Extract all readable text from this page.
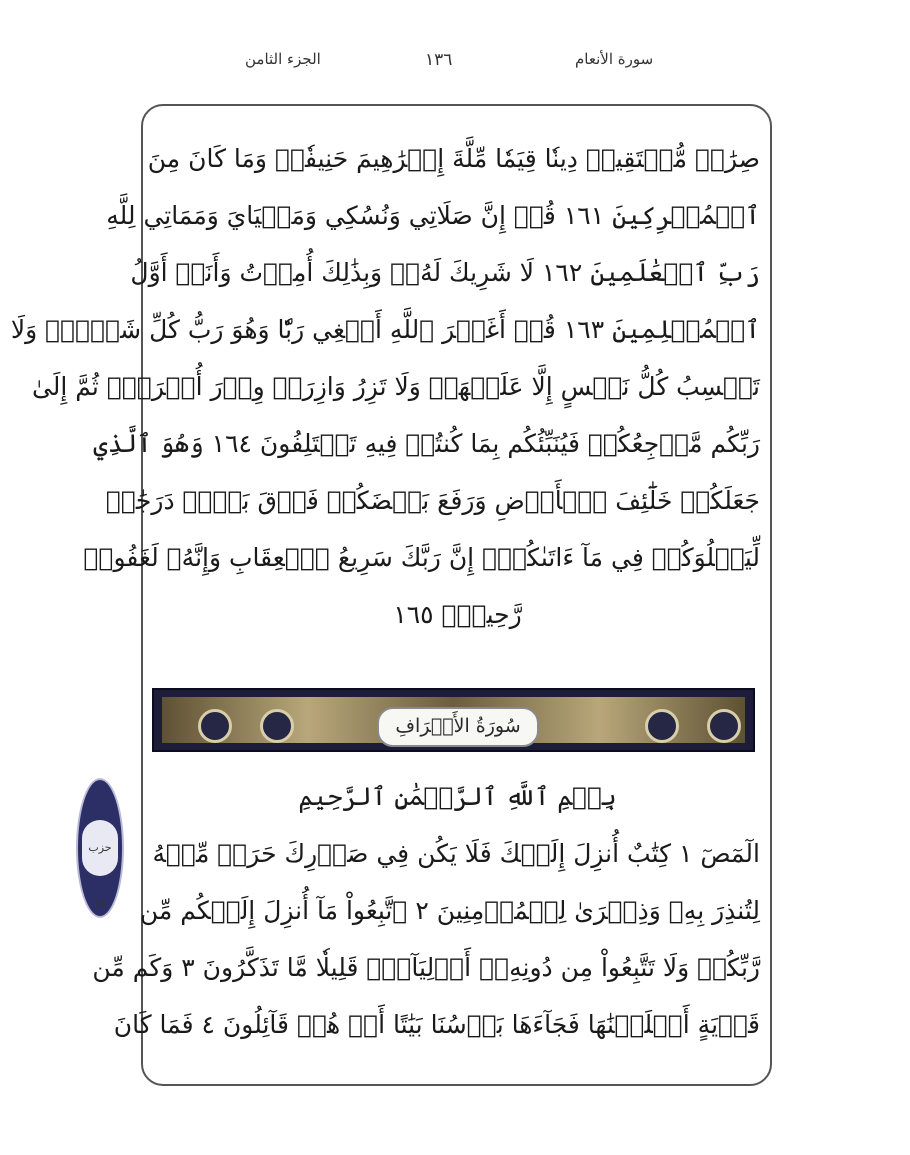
الجزء الثامن	١٣٦	سورة الأنعام
صِرَٰطٖ مُّسۡتَقِيمٖ دِينٗا قِيَمٗا مِّلَّةَ إِبۡرَٰهِيمَ حَنِيفٗاۚ وَمَا كَانَ مِنَ
ٱلۡمُشۡرِكِينَ ١٦١ قُلۡ إِنَّ صَلَاتِي وَنُسُكِي وَمَحۡيَايَ وَمَمَاتِي لِلَّهِ
رَبِّ ٱلۡعَٰلَمِينَ ١٦٢ لَا شَرِيكَ لَهُۥۖ وَبِذَٰلِكَ أُمِرۡتُ وَأَنَا۠ أَوَّلُ
ٱلۡمُسۡلِمِينَ ١٦٣ قُلۡ أَغَيۡرَ ٱللَّهِ أَبۡغِي رَبّٗا وَهُوَ رَبُّ كُلِّ شَيۡءٖۚ وَلَا
تَكۡسِبُ كُلُّ نَفۡسٍ إِلَّا عَلَيۡهَاۚ وَلَا تَزِرُ وَازِرَةٞ وِزۡرَ أُخۡرَىٰۚ ثُمَّ إِلَىٰ
رَبِّكُم مَّرۡجِعُكُمۡ فَيُنَبِّئُكُم بِمَا كُنتُمۡ فِيهِ تَخۡتَلِفُونَ ١٦٤ وَهُوَ ٱلَّذِي
جَعَلَكُمۡ خَلَٰٓئِفَ ٱلۡأَرۡضِ وَرَفَعَ بَعۡضَكُمۡ فَوۡقَ بَعۡضٖ دَرَجَٰتٖ
لِّيَبۡلُوَكُمۡ فِي مَآ ءَاتَىٰكُمۡۗ إِنَّ رَبَّكَ سَرِيعُ ٱلۡعِقَابِ وَإِنَّهُۥ لَغَفُورٞ
رَّحِيمُۢ ١٦٥
سُورَةُ الأَعۡرَافِ
بِسۡمِ ٱللَّهِ ٱلرَّحۡمَٰنِ ٱلرَّحِيمِ
الٓمٓصٓ ١ كِتَٰبٌ أُنزِلَ إِلَيۡكَ فَلَا يَكُن فِي صَدۡرِكَ حَرَجٞ مِّنۡهُ
لِتُنذِرَ بِهِۦ وَذِكۡرَىٰ لِلۡمُؤۡمِنِينَ ٢ ٱتَّبِعُواْ مَآ أُنزِلَ إِلَيۡكُم مِّن
رَّبِّكُمۡ وَلَا تَتَّبِعُواْ مِن دُونِهِۦٓ أَوۡلِيَآءَۗ قَلِيلٗا مَّا تَذَكَّرُونَ ٣ وَكَم مِّن
قَرۡيَةٍ أَهۡلَكۡنَٰهَا فَجَآءَهَا بَأۡسُنَا بَيَٰتًا أَوۡ هُمۡ قَآئِلُونَ ٤ فَمَا كَانَ
حزب ١٥
